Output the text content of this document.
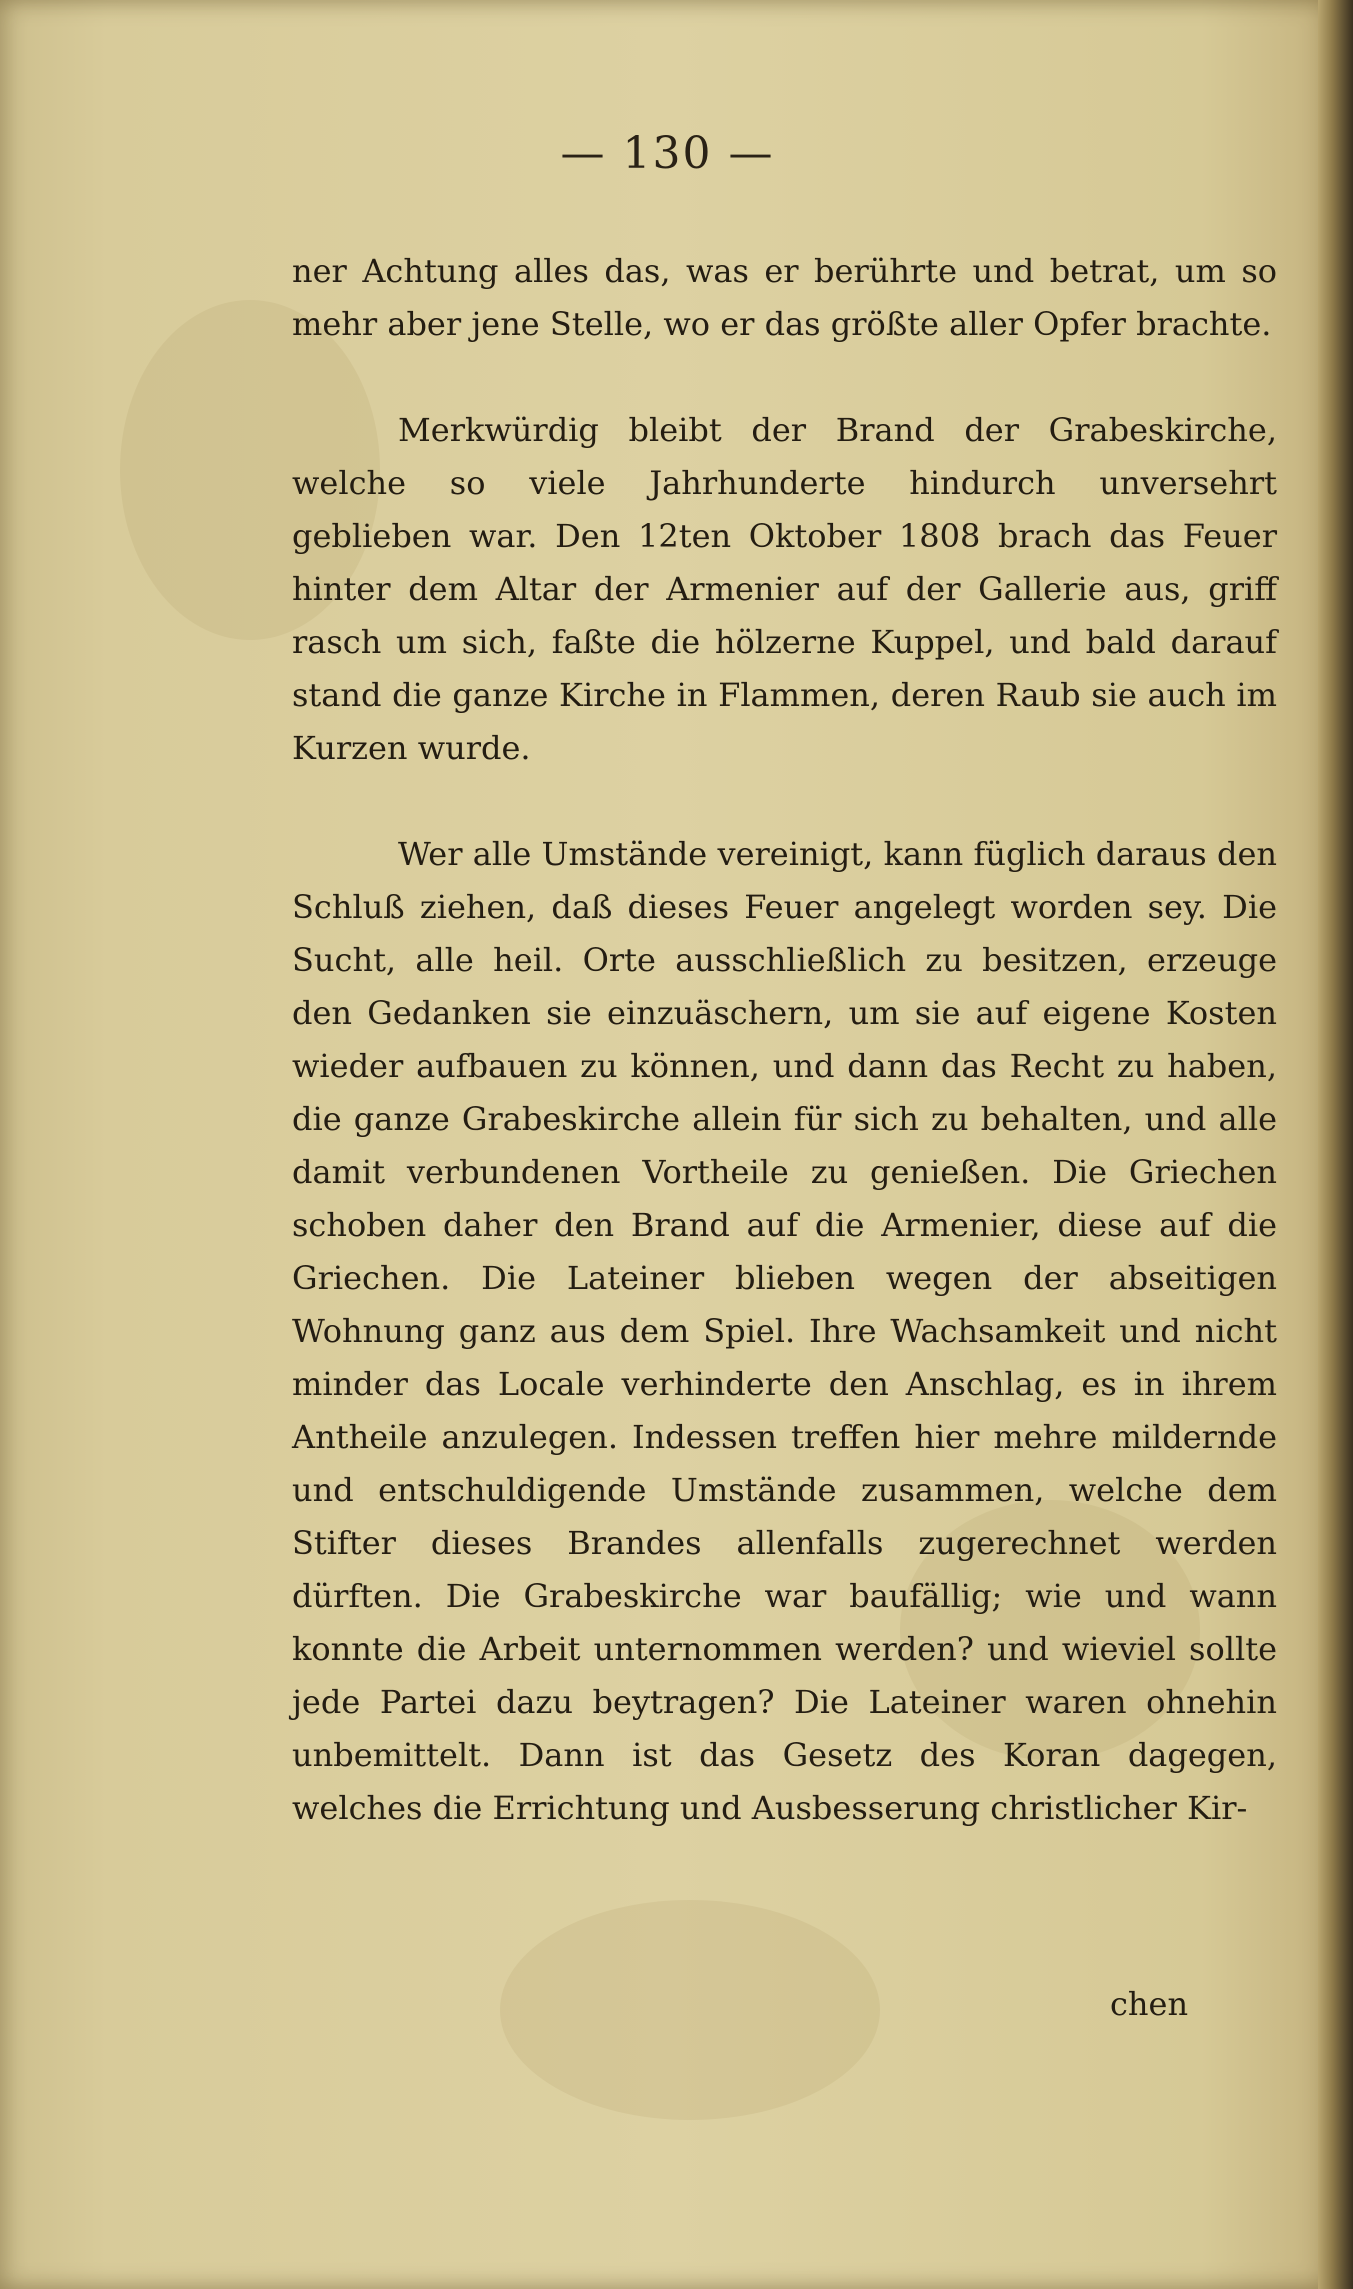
— 130 —

ner Achtung alles das, was er berührte und betrat, um so mehr aber jene Stelle, wo er das größte aller Opfer brachte.

Merkwürdig bleibt der Brand der Grabeskirche, welche so viele Jahrhunderte hindurch unversehrt geblieben war. Den 12ten Oktober 1808 brach das Feuer hinter dem Altar der Armenier auf der Gallerie aus, griff rasch um sich, faßte die hölzerne Kuppel, und bald darauf stand die ganze Kirche in Flammen, deren Raub sie auch im Kurzen wurde.

Wer alle Umstände vereinigt, kann füglich daraus den Schluß ziehen, daß dieses Feuer angelegt worden sey. Die Sucht, alle heil. Orte ausschließlich zu besitzen, erzeuge den Gedanken sie einzuäschern, um sie auf eigene Kosten wieder aufbauen zu können, und dann das Recht zu haben, die ganze Grabeskirche allein für sich zu behalten, und alle damit verbundenen Vortheile zu genießen. Die Griechen schoben daher den Brand auf die Armenier, diese auf die Griechen. Die Lateiner blieben wegen der abseitigen Wohnung ganz aus dem Spiel. Ihre Wachsamkeit und nicht minder das Locale verhinderte den Anschlag, es in ihrem Antheile anzulegen. Indessen treffen hier mehre mildernde und entschuldigende Umstände zusammen, welche dem Stifter dieses Brandes allenfalls zugerechnet werden dürften. Die Grabeskirche war baufällig; wie und wann konnte die Arbeit unternommen werden? und wieviel sollte jede Partei dazu beytragen? Die Lateiner waren ohnehin unbemittelt. Dann ist das Gesetz des Koran dagegen, welches die Errichtung und Ausbesserung christlicher Kir-

chen
